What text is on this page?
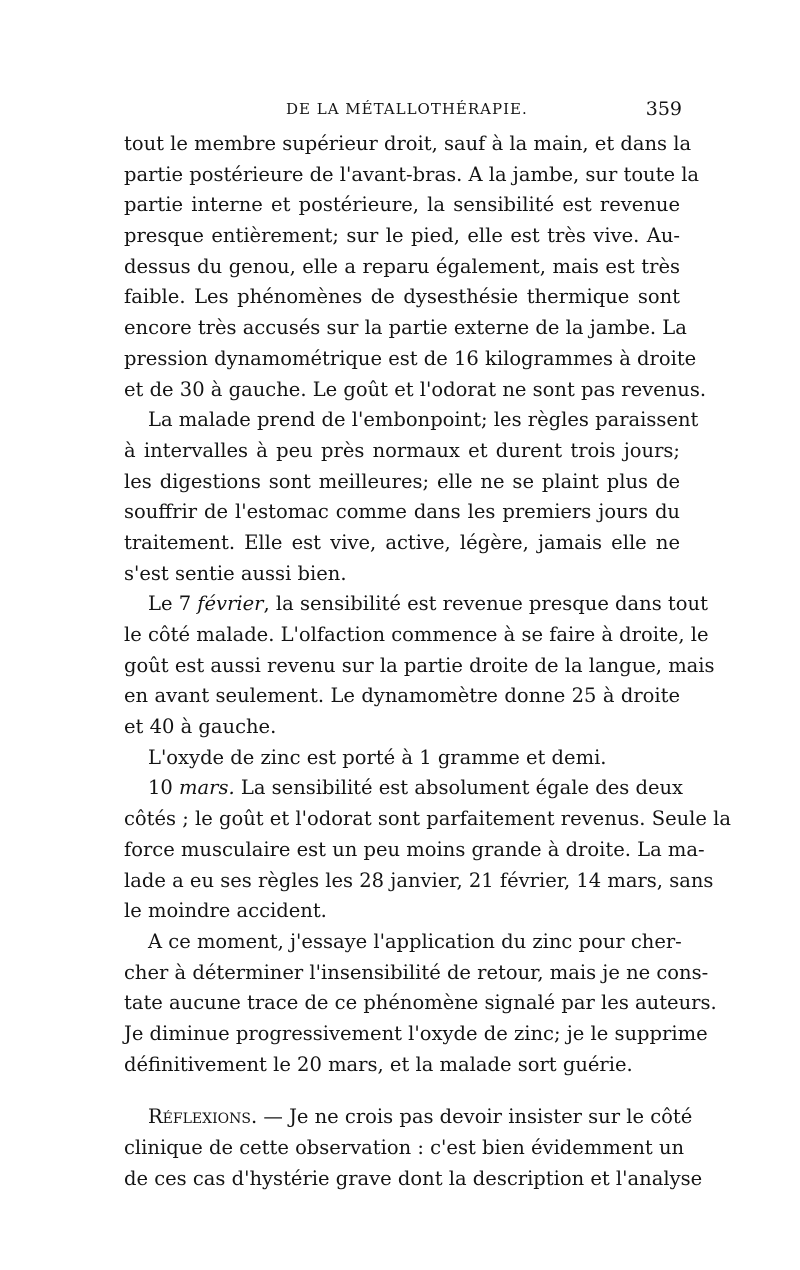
DE LA MÉTALLOTHÉRAPIE.	359
tout le membre supérieur droit, sauf à la main, et dans la
partie postérieure de l'avant-bras. A la jambe, sur toute la
partie interne et postérieure, la sensibilité est revenue
presque entièrement; sur le pied, elle est très vive. Au-
dessus du genou, elle a reparu également, mais est très
faible. Les phénomènes de dysesthésie thermique sont
encore très accusés sur la partie externe de la jambe. La
pression dynamométrique est de 16 kilogrammes à droite
et de 30 à gauche. Le goût et l'odorat ne sont pas revenus.
La malade prend de l'embonpoint; les règles paraissent
à intervalles à peu près normaux et durent trois jours;
les digestions sont meilleures; elle ne se plaint plus de
souffrir de l'estomac comme dans les premiers jours du
traitement. Elle est vive, active, légère, jamais elle ne
s'est sentie aussi bien.
Le 7 février, la sensibilité est revenue presque dans tout
le côté malade. L'olfaction commence à se faire à droite, le
goût est aussi revenu sur la partie droite de la langue, mais
en avant seulement. Le dynamomètre donne 25 à droite
et 40 à gauche.
L'oxyde de zinc est porté à 1 gramme et demi.
10 mars. La sensibilité est absolument égale des deux
côtés ; le goût et l'odorat sont parfaitement revenus. Seule la
force musculaire est un peu moins grande à droite. La ma-
lade a eu ses règles les 28 janvier, 21 février, 14 mars, sans
le moindre accident.
A ce moment, j'essaye l'application du zinc pour cher-
cher à déterminer l'insensibilité de retour, mais je ne cons-
tate aucune trace de ce phénomène signalé par les auteurs.
Je diminue progressivement l'oxyde de zinc; je le supprime
définitivement le 20 mars, et la malade sort guérie.
Réflexions. — Je ne crois pas devoir insister sur le côté
clinique de cette observation : c'est bien évidemment un
de ces cas d'hystérie grave dont la description et l'analyse
